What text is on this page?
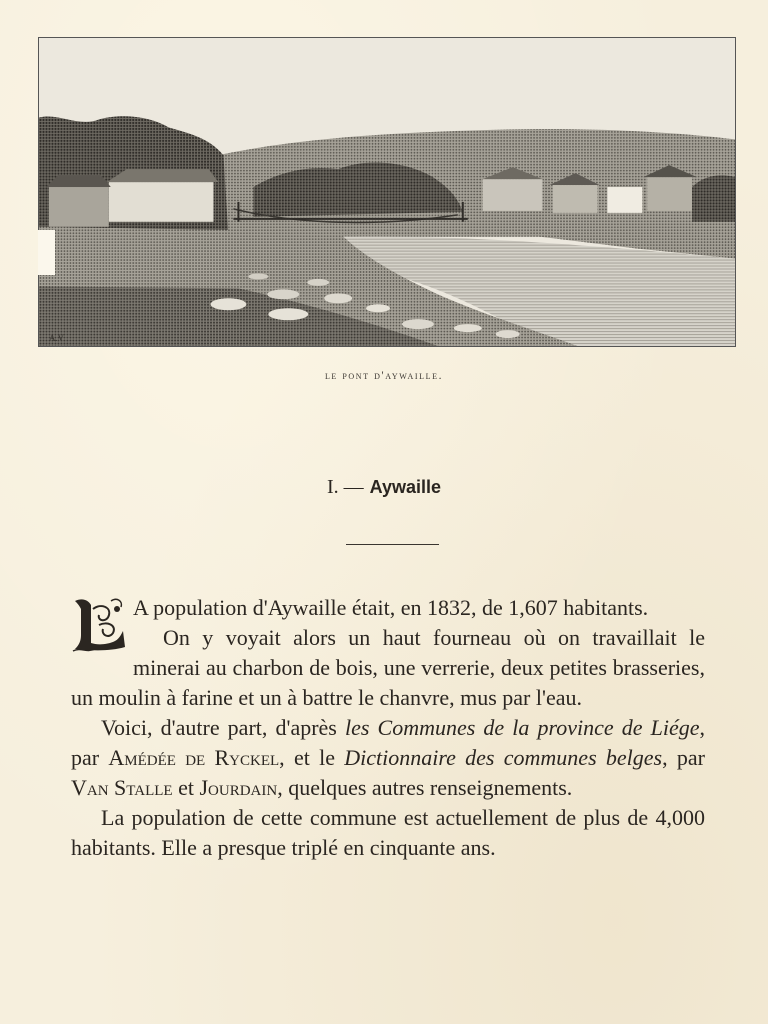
A.V.
le pont d'aywaille.
I. — Aywaille

L	A population d'Aywaille était, en 1832, de 1,607 habitants.

On y voyait alors un haut fourneau où on travaillait le minerai au charbon de bois, une verrerie, deux petites brasseries, un moulin à farine et un à battre le chanvre, mus par l'eau.

Voici, d'autre part, d'après les Communes de la province de Liége, par Amédée de Ryckel, et le Dictionnaire des communes belges, par Van Stalle et Jourdain, quelques autres renseignements.

La population de cette commune est actuellement de plus de 4,000 habitants. Elle a presque triplé en cinquante ans.
